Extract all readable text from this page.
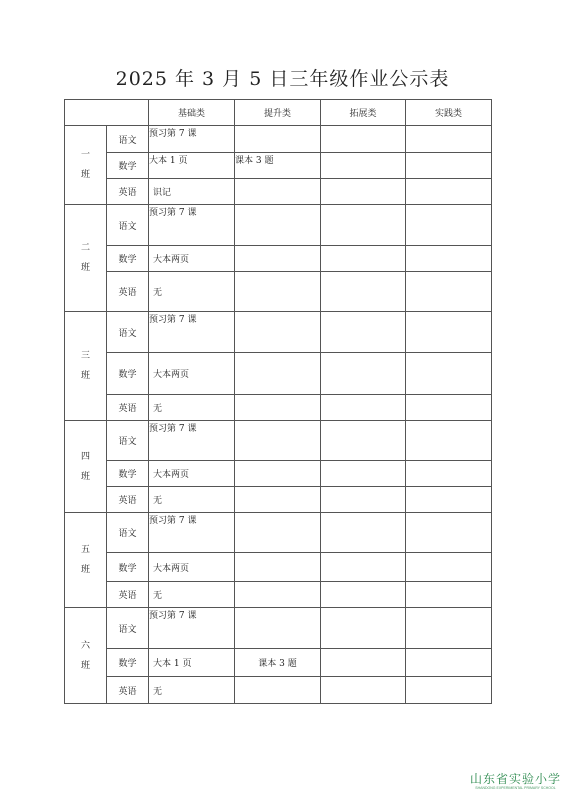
2025 年 3 月 5 日三年级作业公示表
		基础类	提升类	拓展类	实践类
一
班	语文	预习第 7 课			
	数学	大本 1 页	课本 3 题		
	英语	识记			
二
班	语文	预习第 7 课			
	数学	大本两页			
	英语	无			
三
班	语文	预习第 7 课			
	数学	大本两页			
	英语	无			
四
班	语文	预习第 7 课			
	数学	大本两页			
	英语	无			
五
班	语文	预习第 7 课			
	数学	大本两页			
	英语	无			
六
班	语文	预习第 7 课			
	数学	大本 1 页	课本 3 题		
	英语	无			
山东省实验小学
SHANDONG EXPERIMENTAL PRIMARY SCHOOL
